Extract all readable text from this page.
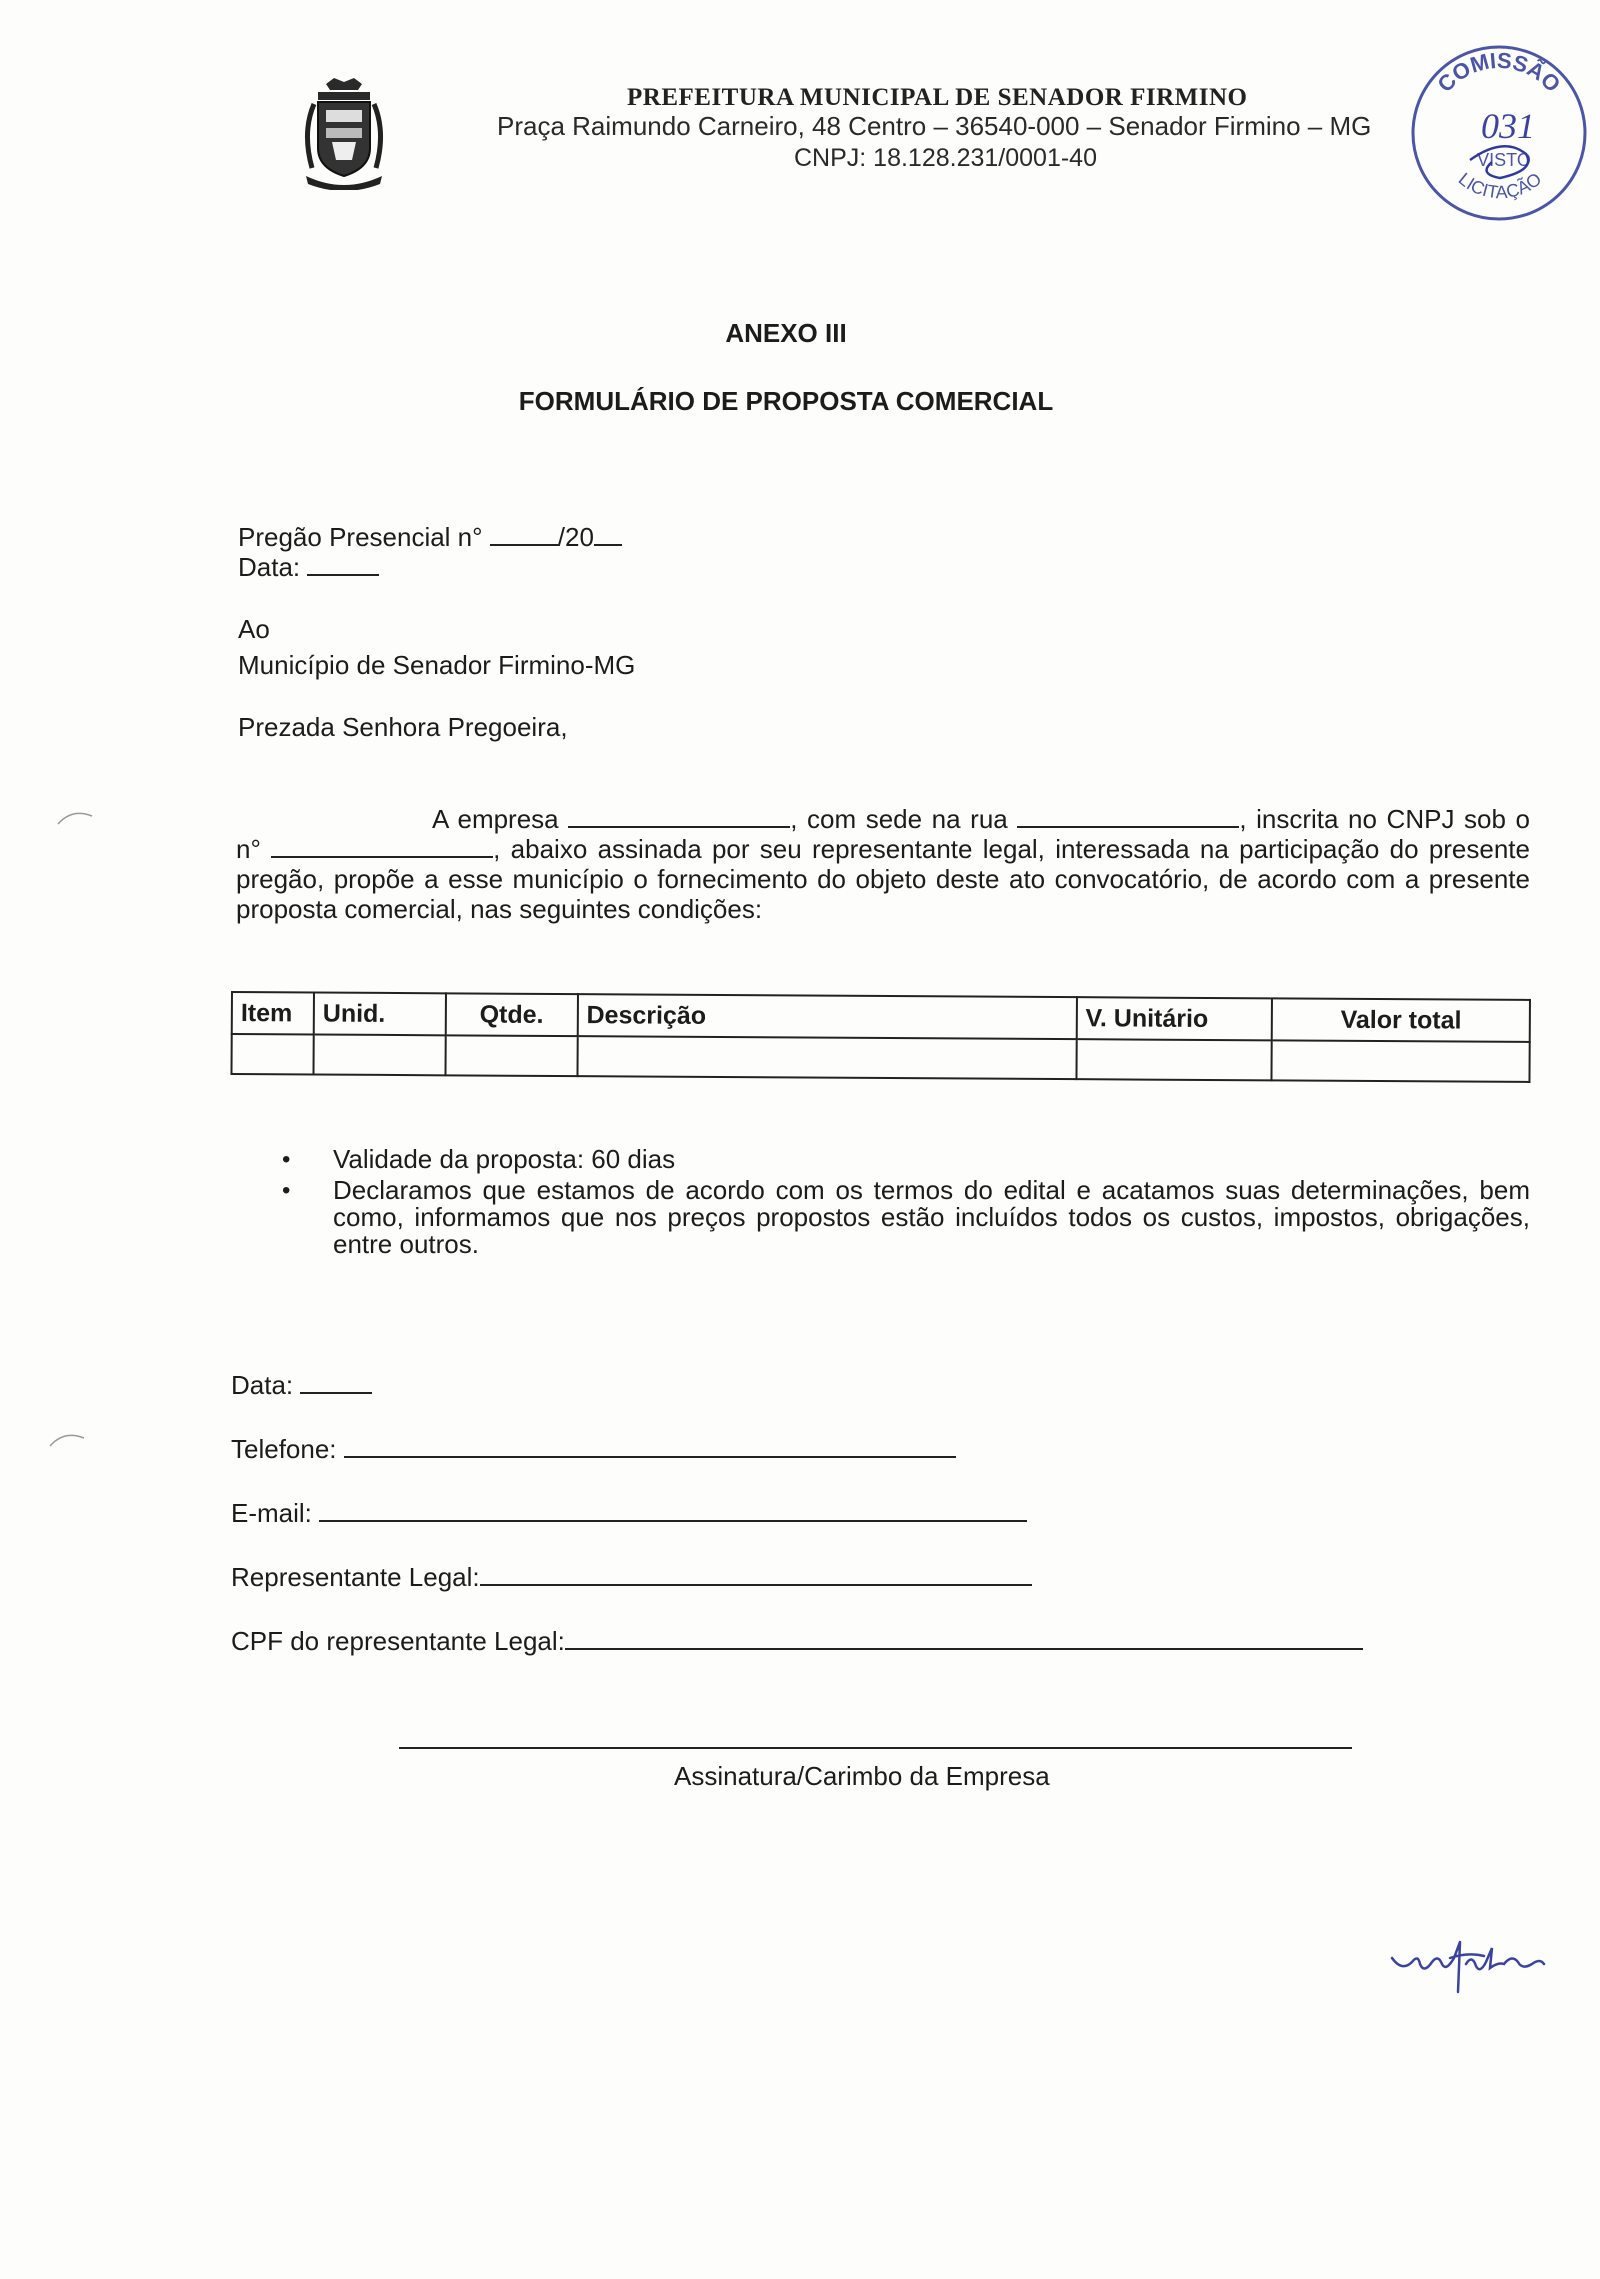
PREFEITURA MUNICIPAL DE SENADOR FIRMINO
Praça Raimundo Carneiro, 48 Centro – 36540-000 – Senador Firmino – MG
CNPJ: 18.128.231/0001-40
COMISSÃO
031
VISTO
LICITAÇÃO
ANEXO III
FORMULÁRIO DE PROPOSTA COMERCIAL
Pregão Presencial n°	/20
Data:
Ao
Município de Senador Firmino-MG
Prezada Senhora Pregoeira,
A empresa	, com sede na rua	, inscrita no CNPJ sob o n°	, abaixo assinada por seu representante legal, interessada na participação do presente pregão, propõe a esse município o fornecimento do objeto deste ato convocatório, de acordo com a presente proposta comercial, nas seguintes condições:
Item	Unid.	Qtde.	Descrição	V. Unitário	Valor total

• Validade da proposta: 60 dias
• Declaramos que estamos de acordo com os termos do edital e acatamos suas determinações, bem como, informamos que nos preços propostos estão incluídos todos os custos, impostos, obrigações, entre outros.
Data:
Telefone:
E-mail:
Representante Legal:
CPF do representante Legal:
Assinatura/Carimbo da Empresa
